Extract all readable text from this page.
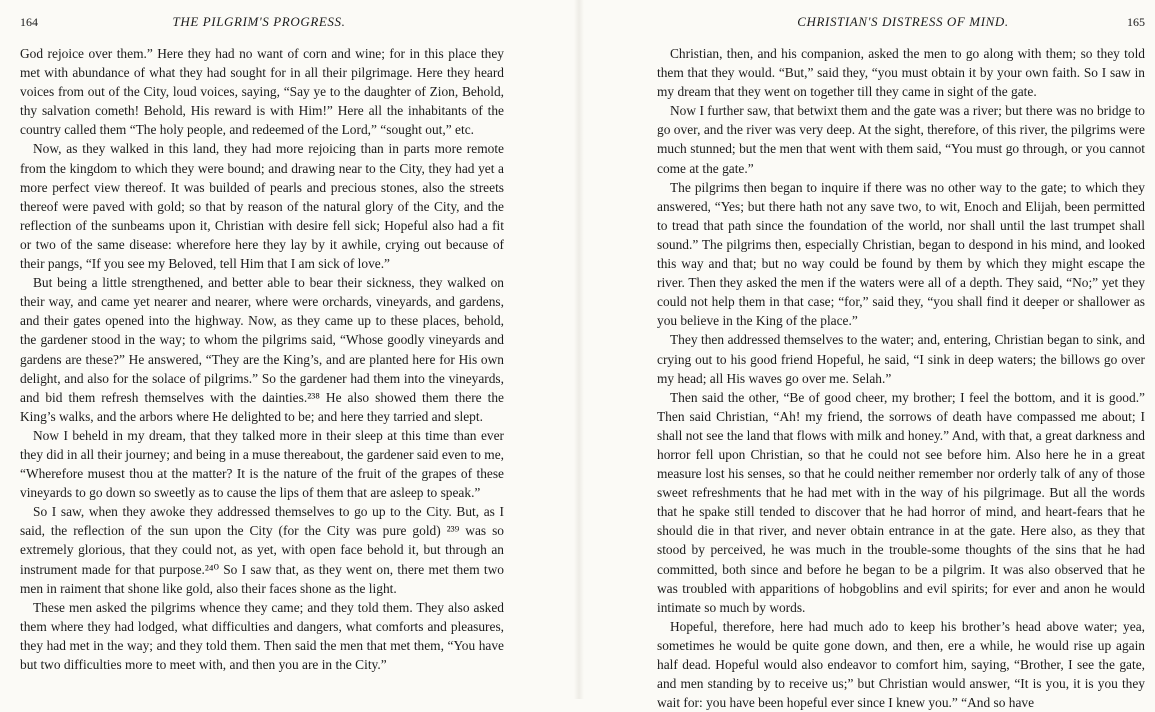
164	THE PILGRIM'S PROGRESS.

God rejoice over them.” Here they had no want of corn and wine; for in this place they met with abundance of what they had sought for in all their pilgrimage. Here they heard voices from out of the City, loud voices, saying, “Say ye to the daughter of Zion, Behold, thy salvation cometh! Behold, His reward is with Him!” Here all the inhabitants of the country called them “The holy people, and redeemed of the Lord,” “sought out,” etc.

Now, as they walked in this land, they had more rejoicing than in parts more remote from the kingdom to which they were bound; and drawing near to the City, they had yet a more perfect view thereof. It was builded of pearls and precious stones, also the streets thereof were paved with gold; so that by reason of the natural glory of the City, and the reflection of the sunbeams upon it, Christian with desire fell sick; Hopeful also had a fit or two of the same disease: wherefore here they lay by it awhile, crying out because of their pangs, “If you see my Beloved, tell Him that I am sick of love.”

But being a little strengthened, and better able to bear their sickness, they walked on their way, and came yet nearer and nearer, where were orchards, vineyards, and gardens, and their gates opened into the highway. Now, as they came up to these places, behold, the gardener stood in the way; to whom the pilgrims said, “Whose goodly vineyards and gardens are these?” He answered, “They are the King’s, and are planted here for His own delight, and also for the solace of pilgrims.” So the gardener had them into the vineyards, and bid them refresh themselves with the dainties.²³⁸ He also showed them there the King’s walks, and the arbors where He delighted to be; and here they tarried and slept.

Now I beheld in my dream, that they talked more in their sleep at this time than ever they did in all their journey; and being in a muse thereabout, the gardener said even to me, “Wherefore musest thou at the matter? It is the nature of the fruit of the grapes of these vineyards to go down so sweetly as to cause the lips of them that are asleep to speak.”

So I saw, when they awoke they addressed themselves to go up to the City. But, as I said, the reflection of the sun upon the City (for the City was pure gold) ²³⁹ was so extremely glorious, that they could not, as yet, with open face behold it, but through an instrument made for that purpose.²⁴⁰ So I saw that, as they went on, there met them two men in raiment that shone like gold, also their faces shone as the light.

These men asked the pilgrims whence they came; and they told them. They also asked them where they had lodged, what difficulties and dangers, what comforts and pleasures, they had met in the way; and they told them. Then said the men that met them, “You have but two difficulties more to meet with, and then you are in the City.”

CHRISTIAN'S DISTRESS OF MIND.	165

Christian, then, and his companion, asked the men to go along with them; so they told them that they would. “But,” said they, “you must obtain it by your own faith. So I saw in my dream that they went on together till they came in sight of the gate.

Now I further saw, that betwixt them and the gate was a river; but there was no bridge to go over, and the river was very deep. At the sight, therefore, of this river, the pilgrims were much stunned; but the men that went with them said, “You must go through, or you cannot come at the gate.”

The pilgrims then began to inquire if there was no other way to the gate; to which they answered, “Yes; but there hath not any save two, to wit, Enoch and Elijah, been permitted to tread that path since the foundation of the world, nor shall until the last trumpet shall sound.” The pilgrims then, especially Christian, began to despond in his mind, and looked this way and that; but no way could be found by them by which they might escape the river. Then they asked the men if the waters were all of a depth. They said, “No;” yet they could not help them in that case; “for,” said they, “you shall find it deeper or shallower as you believe in the King of the place.”

They then addressed themselves to the water; and, entering, Christian began to sink, and crying out to his good friend Hopeful, he said, “I sink in deep waters; the billows go over my head; all His waves go over me. Selah.”

Then said the other, “Be of good cheer, my brother; I feel the bottom, and it is good.” Then said Christian, “Ah! my friend, the sorrows of death have compassed me about; I shall not see the land that flows with milk and honey.” And, with that, a great darkness and horror fell upon Christian, so that he could not see before him. Also here he in a great measure lost his senses, so that he could neither remember nor orderly talk of any of those sweet refreshments that he had met with in the way of his pilgrimage. But all the words that he spake still tended to discover that he had horror of mind, and heart-fears that he should die in that river, and never obtain entrance in at the gate. Here also, as they that stood by perceived, he was much in the trouble-some thoughts of the sins that he had committed, both since and before he began to be a pilgrim. It was also observed that he was troubled with apparitions of hobgoblins and evil spirits; for ever and anon he would intimate so much by words.

Hopeful, therefore, here had much ado to keep his brother’s head above water; yea, sometimes he would be quite gone down, and then, ere a while, he would rise up again half dead. Hopeful would also endeavor to comfort him, saying, “Brother, I see the gate, and men standing by to receive us;” but Christian would answer, “It is you, it is you they wait for: you have been hopeful ever since I knew you.” “And so have
